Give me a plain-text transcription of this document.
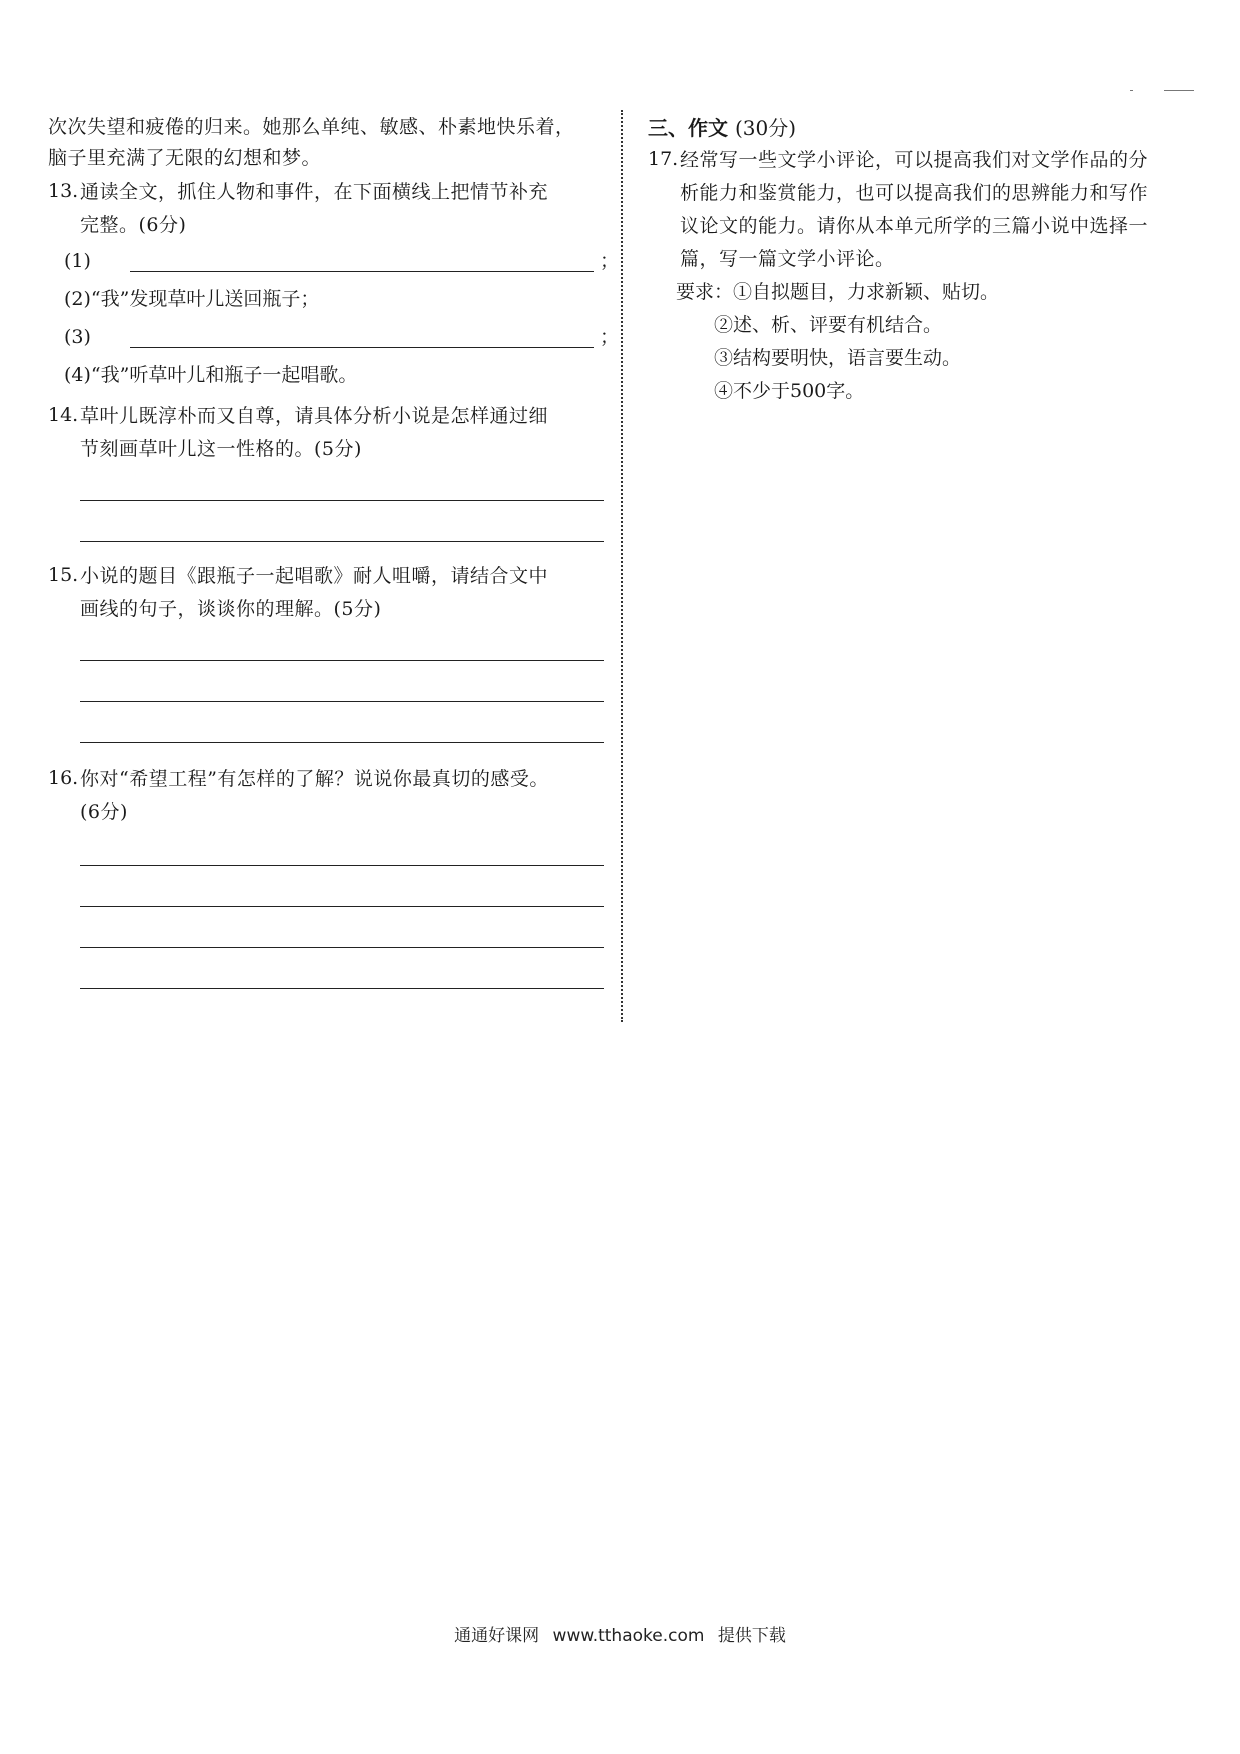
次次失望和疲倦的归来。她那么单纯、敏感、朴素地快乐着，
脑子里充满了无限的幻想和梦。
13. 通读全文，抓住人物和事件，在下面横线上把情节补充
完整。(6分)
(1)	；
(2)“我”发现草叶儿送回瓶子；
(3)	；
(4)“我”听草叶儿和瓶子一起唱歌。
14. 草叶儿既淳朴而又自尊，请具体分析小说是怎样通过细
节刻画草叶儿这一性格的。(5分)
15. 小说的题目《跟瓶子一起唱歌》耐人咀嚼，请结合文中
画线的句子，谈谈你的理解。(5分)
16. 你对“希望工程”有怎样的了解？说说你最真切的感受。
(6分)
三、作文 (30分)
17. 经常写一些文学小评论，可以提高我们对文学作品的分
析能力和鉴赏能力，也可以提高我们的思辨能力和写作
议论文的能力。请你从本单元所学的三篇小说中选择一
篇，写一篇文学小评论。
要求：①自拟题目，力求新颖、贴切。
②述、析、评要有机结合。
③结构要明快，语言要生动。
④不少于500字。
通通好课网 www.tthaoke.com 提供下载
